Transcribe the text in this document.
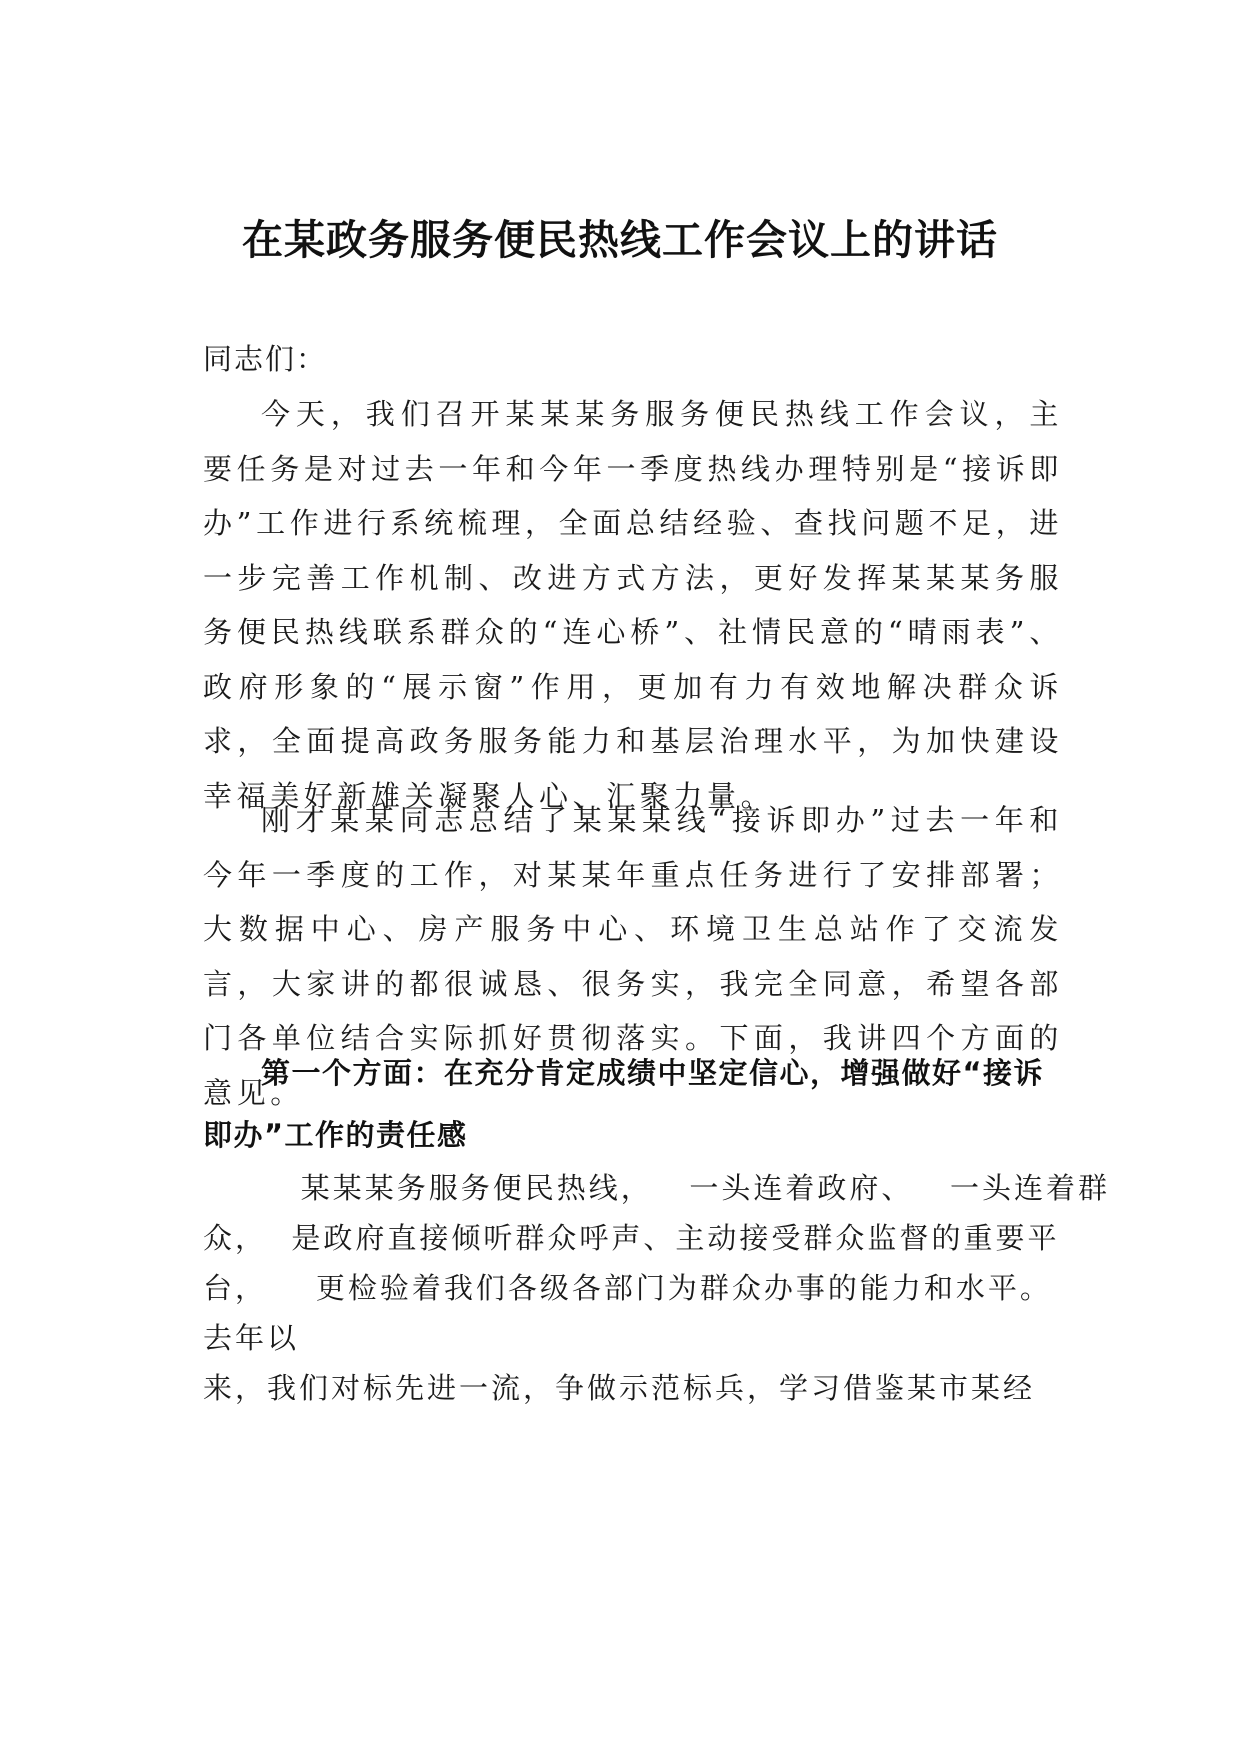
在某政务服务便民热线工作会议上的讲话
同志们：

今天，我们召开某某某务服务便民热线工作会议，主要任务是对过去一年和今年一季度热线办理特别是“接诉即办”工作进行系统梳理，全面总结经验、查找问题不足，进一步完善工作机制、改进方式方法，更好发挥某某某务服务便民热线联系群众的“连心桥”、社情民意的“晴雨表”、政府形象的“展示窗”作用，更加有力有效地解决群众诉求，全面提高政务服务能力和基层治理水平，为加快建设幸福美好新雄关凝聚人心、汇聚力量。

刚才某某同志总结了某某某线“接诉即办”过去一年和今年一季度的工作，对某某年重点任务进行了安排部署；大数据中心、房产服务中心、环境卫生总站作了交流发言，大家讲的都很诚恳、很务实，我完全同意，希望各部门各单位结合实际抓好贯彻落实。下面，我讲四个方面的意见。

第一个方面：在充分肯定成绩中坚定信心，增强做好“接诉即办”工作的责任感
某某某务服务便民热线，   一头连着政府、   一头连着群
众，  是政府直接倾听群众呼声、主动接受群众监督的重要平
台，    更检验着我们各级各部门为群众办事的能力和水平。
去年以
来，我们对标先进一流，争做示范标兵，学习借鉴某市某经
